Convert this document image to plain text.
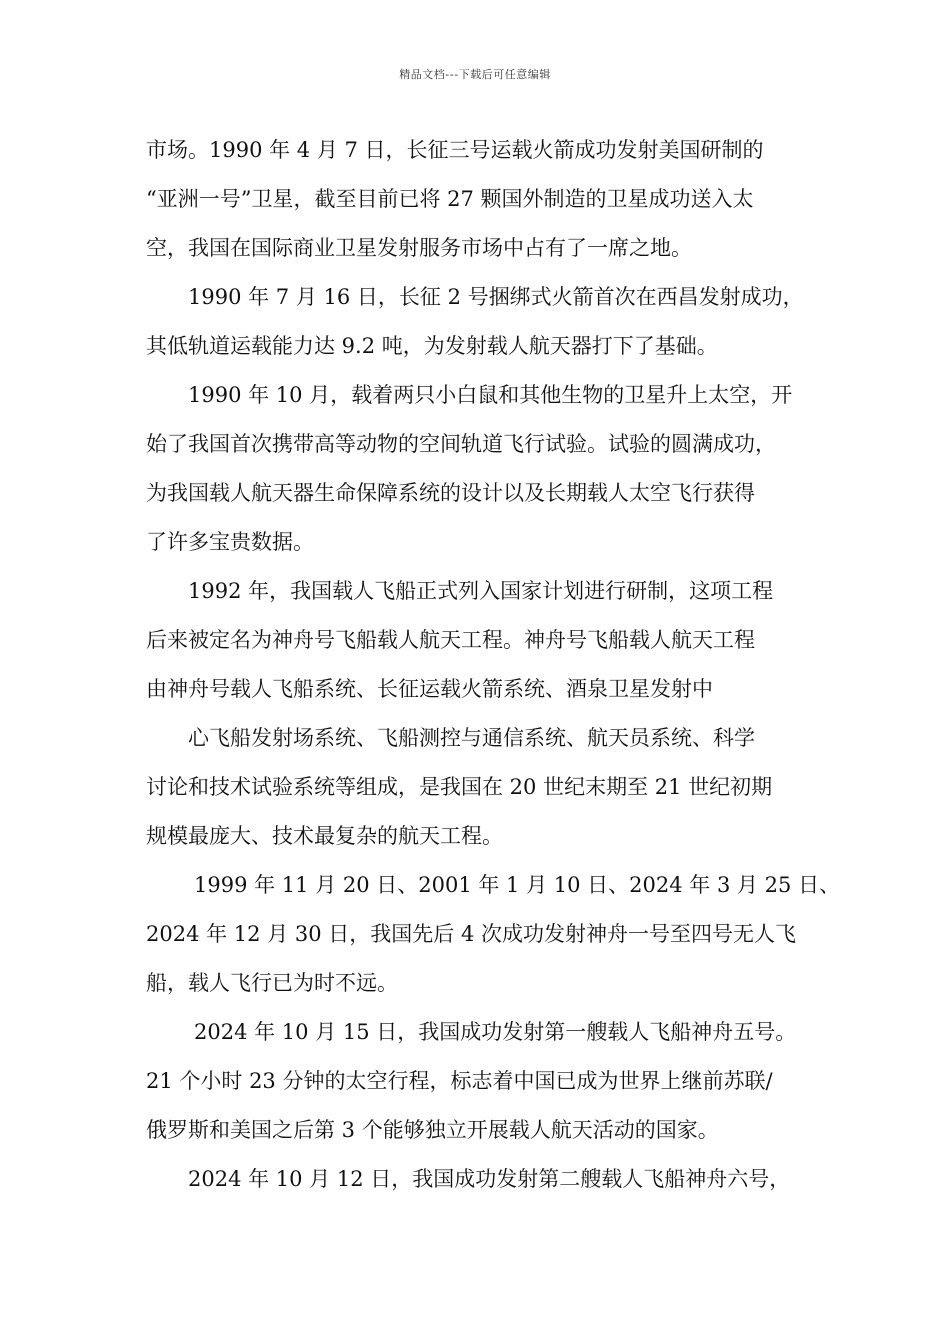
精品文档---下载后可任意编辑
市场。1990 年 4 月 7 日，长征三号运载火箭成功发射美国研制的
“亚洲一号”卫星，截至目前已将 27 颗国外制造的卫星成功送入太
空，我国在国际商业卫星发射服务市场中占有了一席之地。
1990 年 7 月 16 日，长征 2 号捆绑式火箭首次在西昌发射成功，
其低轨道运载能力达 9.2 吨，为发射载人航天器打下了基础。
1990 年 10 月，载着两只小白鼠和其他生物的卫星升上太空，开
始了我国首次携带高等动物的空间轨道飞行试验。试验的圆满成功，
为我国载人航天器生命保障系统的设计以及长期载人太空飞行获得
了许多宝贵数据。
1992 年，我国载人飞船正式列入国家计划进行研制，这项工程
后来被定名为神舟号飞船载人航天工程。神舟号飞船载人航天工程
由神舟号载人飞船系统、长征运载火箭系统、酒泉卫星发射中
心飞船发射场系统、飞船测控与通信系统、航天员系统、科学
讨论和技术试验系统等组成，是我国在 20 世纪末期至 21 世纪初期
规模最庞大、技术最复杂的航天工程。
1999 年 11 月 20 日、2001 年 1 月 10 日、2024 年 3 月 25 日、
2024 年 12 月 30 日，我国先后 4 次成功发射神舟一号至四号无人飞
船，载人飞行已为时不远。
2024 年 10 月 15 日，我国成功发射第一艘载人飞船神舟五号。
21 个小时 23 分钟的太空行程，标志着中国已成为世界上继前苏联/
俄罗斯和美国之后第 3 个能够独立开展载人航天活动的国家。
2024 年 10 月 12 日，我国成功发射第二艘载人飞船神舟六号，
